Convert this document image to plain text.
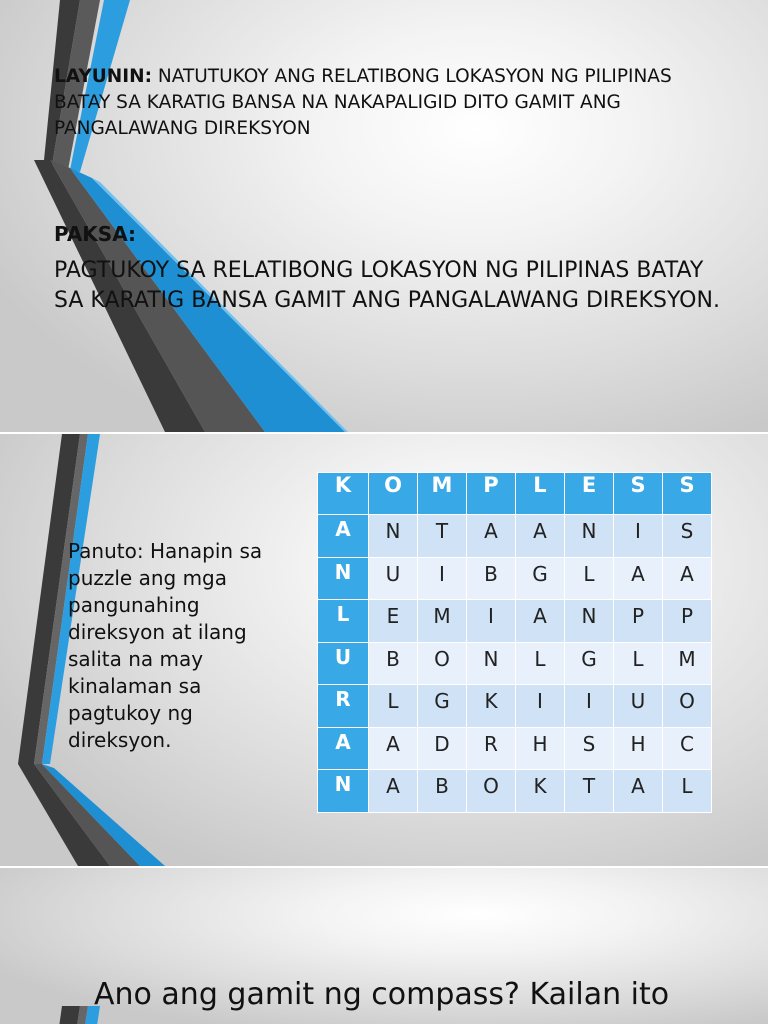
LAYUNIN: NATUTUKOY ANG RELATIBONG LOKASYON NG PILIPINAS BATAY SA KARATIG BANSA NA NAKAPALIGID DITO GAMIT ANG PANGALAWANG DIREKSYON
PAKSA:
PAGTUKOY SA RELATIBONG LOKASYON NG PILIPINAS BATAY SA KARATIG BANSA GAMIT ANG PANGALAWANG DIREKSYON.
Panuto: Hanapin sa puzzle ang mga pangunahing direksyon at ilang salita na may kinalaman sa pagtukoy ng direksyon.
K	O	M	P	L	E	S	S
A	N	T	A	A	N	I	S
N	U	I	B	G	L	A	A
L	E	M	I	A	N	P	P
U	B	O	N	L	G	L	M
R	L	G	K	I	I	U	O
A	A	D	R	H	S	H	C
N	A	B	O	K	T	A	L
Ano ang gamit ng compass? Kailan ito
